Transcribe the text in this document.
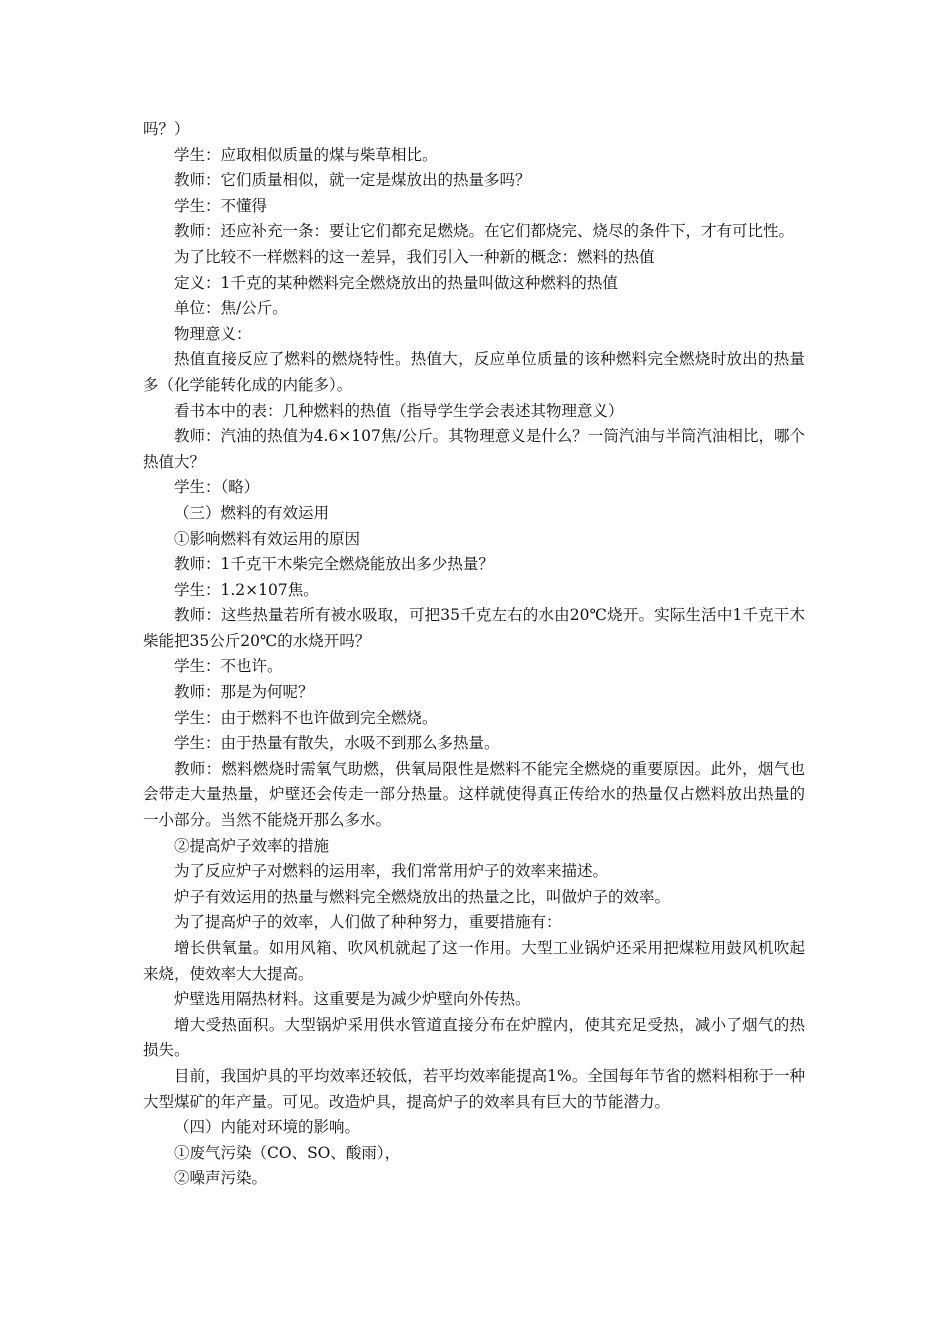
吗？）

学生：应取相似质量的煤与柴草相比。

教师：它们质量相似，就一定是煤放出的热量多吗？

学生：不懂得

教师：还应补充一条：要让它们都充足燃烧。在它们都烧完、烧尽的条件下，才有可比性。

为了比较不一样燃料的这一差异，我们引入一种新的概念：燃料的热值

定义：1千克的某种燃料完全燃烧放出的热量叫做这种燃料的热值

单位：焦/公斤。

物理意义：

热值直接反应了燃料的燃烧特性。热值大，反应单位质量的该种燃料完全燃烧时放出的热量多（化学能转化成的内能多）。

看书本中的表：几种燃料的热值（指导学生学会表述其物理意义）

教师：汽油的热值为4.6×107焦/公斤。其物理意义是什么？一筒汽油与半筒汽油相比，哪个热值大？

学生：（略）

（三）燃料的有效运用

①影响燃料有效运用的原因

教师：1千克干木柴完全燃烧能放出多少热量？

学生：1.2×107焦。

教师：这些热量若所有被水吸取，可把35千克左右的水由20℃烧开。实际生活中1千克干木柴能把35公斤20℃的水烧开吗？

学生：不也许。

教师：那是为何呢？

学生：由于燃料不也许做到完全燃烧。

学生：由于热量有散失，水吸不到那么多热量。

教师：燃料燃烧时需氧气助燃，供氧局限性是燃料不能完全燃烧的重要原因。此外，烟气也会带走大量热量，炉壁还会传走一部分热量。这样就使得真正传给水的热量仅占燃料放出热量的一小部分。当然不能烧开那么多水。

②提高炉子效率的措施

为了反应炉子对燃料的运用率，我们常常用炉子的效率来描述。

炉子有效运用的热量与燃料完全燃烧放出的热量之比，叫做炉子的效率。

为了提高炉子的效率，人们做了种种努力，重要措施有：

增长供氧量。如用风箱、吹风机就起了这一作用。大型工业锅炉还采用把煤粒用鼓风机吹起来烧，使效率大大提高。

炉壁选用隔热材料。这重要是为减少炉壁向外传热。

增大受热面积。大型锅炉采用供水管道直接分布在炉膛内，使其充足受热，减小了烟气的热损失。

目前，我国炉具的平均效率还较低，若平均效率能提高1%。全国每年节省的燃料相称于一种大型煤矿的年产量。可见。改造炉具，提高炉子的效率具有巨大的节能潜力。

（四）内能对环境的影响。

①废气污染（CO、SO、酸雨），

②噪声污染。
